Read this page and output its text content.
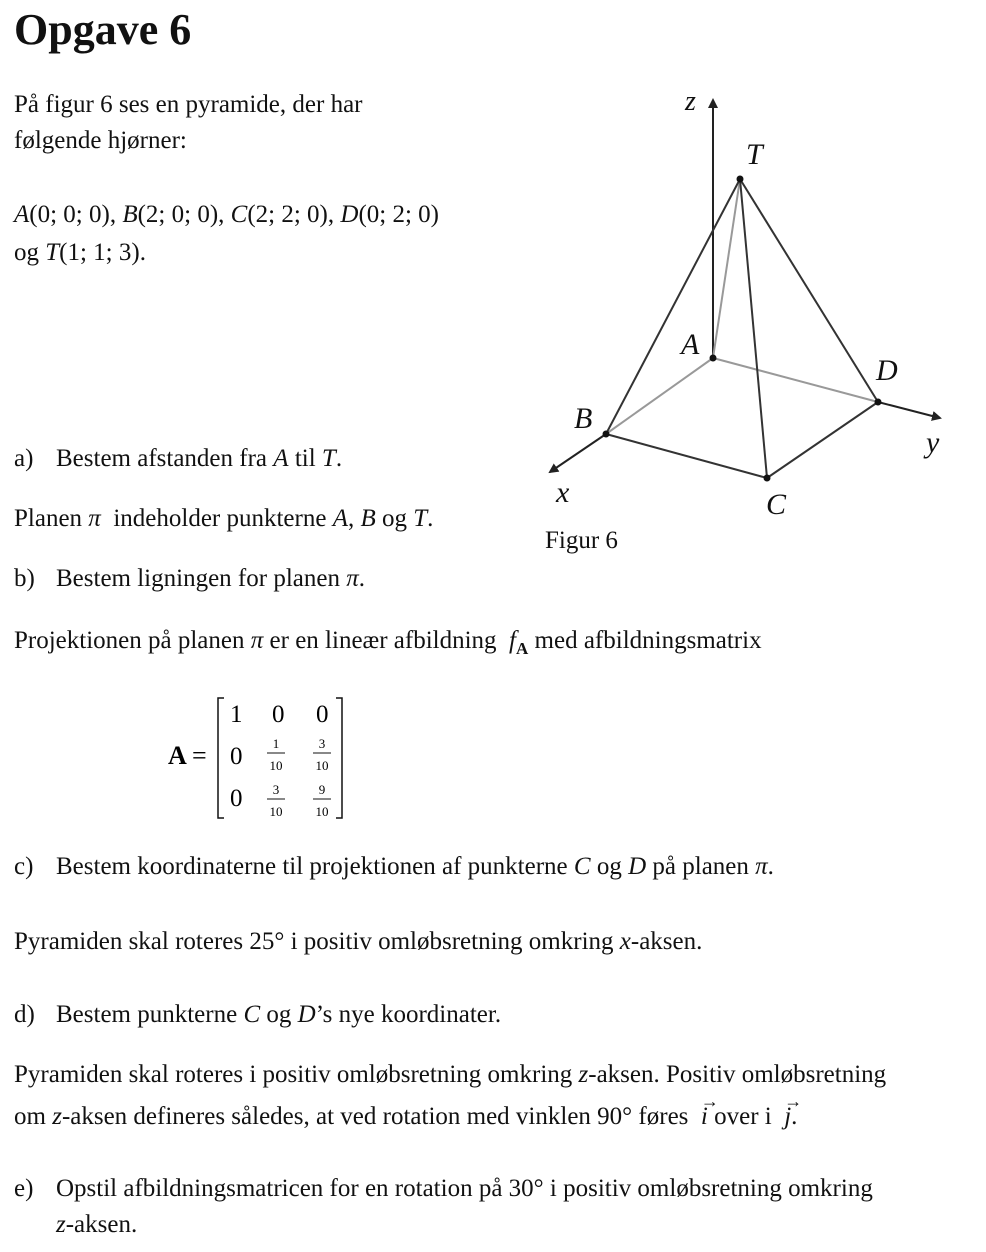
Opgave 6
På figur 6 ses en pyramide, der har
følgende hjørner:
A(0; 0; 0), B(2; 0; 0), C(2; 2; 0), D(0; 2; 0)
og T(1; 1; 3).
z
T
A
D
B
y
x	C
Figur 6
a) Bestem afstanden fra A til T.
Planen π  indeholder punkterne A, B og T.
b) Bestem ligningen for planen π.
Projektionen på planen π er en lineær afbildning  $f_A$ med afbildningsmatrix
A =
1 0 0
0 1
10
3
10
0 3
10
9
10
c) Bestem koordinaterne til projektionen af punkterne C og D på planen π.
Pyramiden skal roteres 25° i positiv omløbsretning omkring x-aksen.
d) Bestem punkterne C og D’s nye koordinater.
Pyramiden skal roteres i positiv omløbsretning omkring z-aksen. Positiv omløbsretning
om z-aksen defineres således, at ved rotation med vinklen 90° føres  → i over i  → j.
e) Opstil afbildningsmatricen for en rotation på 30° i positiv omløbsretning omkring
z-aksen.
